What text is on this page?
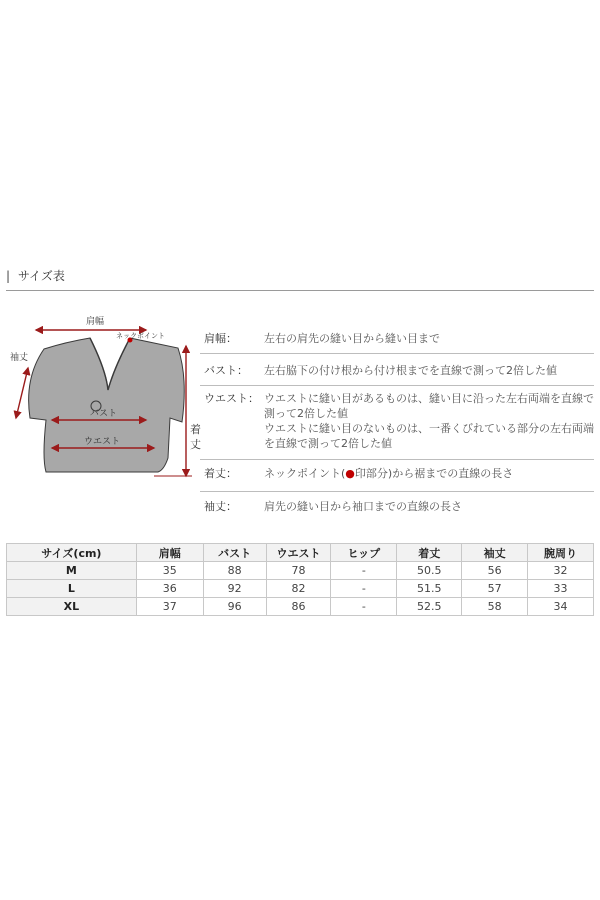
| サイズ表
肩幅
ネックポイント
袖丈
バスト
ウエスト
着
丈
肩幅：	左右の肩先の縫い目から縫い目まで
バスト：	左右脇下の付け根から付け根までを直線で測って2倍した値
ウエスト： ウエストに縫い目があるものは、縫い目に沿った左右両端を直線で
測って2倍した値
ウエストに縫い目のないものは、一番くびれている部分の左右両端
を直線で測って2倍した値
着丈：	ネックポイント(●印部分)から裾までの直線の長さ
袖丈：	肩先の縫い目から袖口までの直線の長さ
サイズ(cm)	肩幅	バスト	ウエスト	ヒップ	着丈	袖丈	腕周り
M	35	88	78	-	50.5	56	32
L	36	92	82	-	51.5	57	33
XL	37	96	86	-	52.5	58	34
